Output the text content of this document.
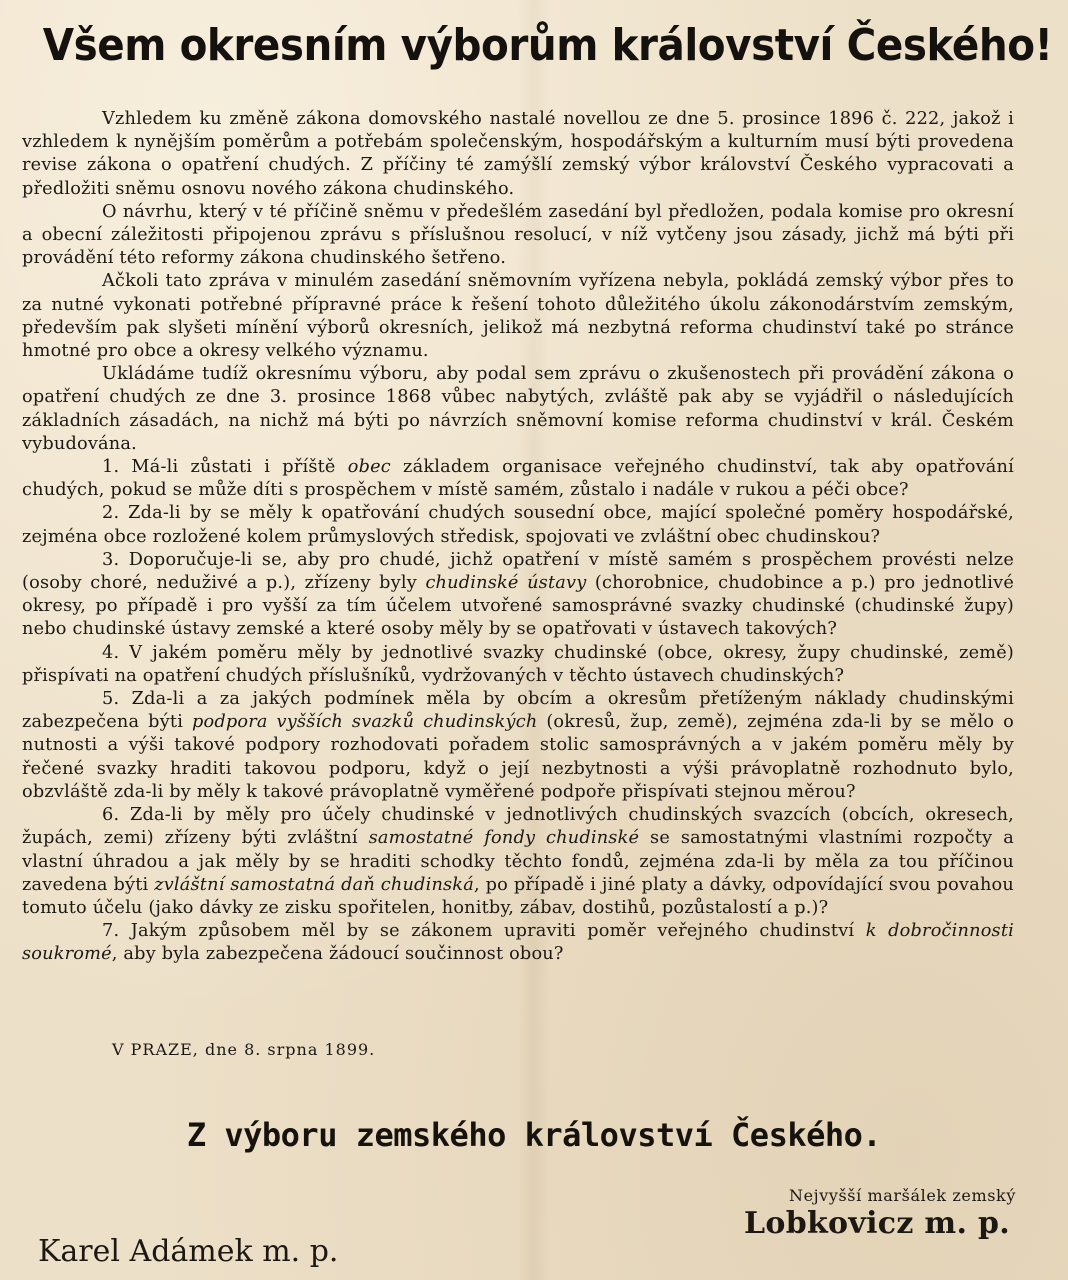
Všem okresním výborům království Českého!

Vzhledem ku změně zákona domovského nastalé novellou ze dne 5. prosince 1896 č. 222, jakož i vzhledem k nynějším poměrům a potřebám společenským, hospodářským a kulturním musí býti provedena revise zákona o opatření chudých. Z příčiny té zamýšlí zemský výbor království Českého vypracovati a předložiti sněmu osnovu nového zákona chudinského.

O návrhu, který v té příčině sněmu v předešlém zasedání byl předložen, podala komise pro okresní a obecní záležitosti připojenou zprávu s příslušnou resolucí, v níž vytčeny jsou zásady, jichž má býti při provádění této reformy zákona chudinského šetřeno.

Ačkoli tato zpráva v minulém zasedání sněmovním vyřízena nebyla, pokládá zemský výbor přes to za nutné vykonati potřebné přípravné práce k řešení tohoto důležitého úkolu zákonodárstvím zemským, především pak slyšeti mínění výborů okresních, jelikož má nezbytná reforma chudinství také po stránce hmotné pro obce a okresy velkého významu.

Ukládáme tudíž okresnímu výboru, aby podal sem zprávu o zkušenostech při provádění zákona o opatření chudých ze dne 3. prosince 1868 vůbec nabytých, zvláště pak aby se vyjádřil o následujících základních zásadách, na nichž má býti po návrzích sněmovní komise reforma chudinství v král. Českém vybudována.

1. Má-li zůstati i příště obec základem organisace veřejného chudinství, tak aby opatřování chudých, pokud se může díti s prospěchem v místě samém, zůstalo i nadále v rukou a péči obce?

2. Zda-li by se měly k opatřování chudých sousední obce, mající společné poměry hospodářské, zejména obce rozložené kolem průmyslových středisk, spojovati ve zvláštní obec chudinskou?

3. Doporučuje-li se, aby pro chudé, jichž opatření v místě samém s prospěchem provésti nelze (osoby choré, neduživé a p.), zřízeny byly chudinské ústavy (chorobnice, chudobince a p.) pro jednotlivé okresy, po případě i pro vyšší za tím účelem utvořené samosprávné svazky chudinské (chudinské župy) nebo chudinské ústavy zemské a které osoby měly by se opatřovati v ústavech takových?

4. V jakém poměru měly by jednotlivé svazky chudinské (obce, okresy, župy chudinské, země) přispívati na opatření chudých příslušníků, vydržovaných v těchto ústavech chudinských?

5. Zda-li a za jakých podmínek měla by obcím a okresům přetíženým náklady chudinskými zabezpečena býti podpora vyšších svazků chudinských (okresů, žup, země), zejména zda-li by se mělo o nutnosti a výši takové podpory rozhodovati pořadem stolic samosprávných a v jakém poměru měly by řečené svazky hraditi takovou podporu, když o její nezbytnosti a výši právoplatně rozhodnuto bylo, obzvláště zda-li by měly k takové právoplatně vyměřené podpoře přispívati stejnou měrou?

6. Zda-li by měly pro účely chudinské v jednotlivých chudinských svazcích (obcích, okresech, župách, zemi) zřízeny býti zvláštní samostatné fondy chudinské se samostatnými vlastními rozpočty a vlastní úhradou a jak měly by se hraditi schodky těchto fondů, zejména zda-li by měla za tou příčinou zavedena býti zvláštní samostatná daň chudinská, po případě i jiné platy a dávky, odpovídající svou povahou tomuto účelu (jako dávky ze zisku spořitelen, honitby, zábav, dostihů, pozůstalostí a p.)?

7. Jakým způsobem měl by se zákonem upraviti poměr veřejného chudinství k dobročinnosti soukromé, aby byla zabezpečena žádoucí součinnost obou?

V PRAZE, dne 8. srpna 1899.
Z výboru zemského království Českého.
Nejvyšší maršálek zemský
Lobkovicz m. p.
Karel Adámek m. p.
